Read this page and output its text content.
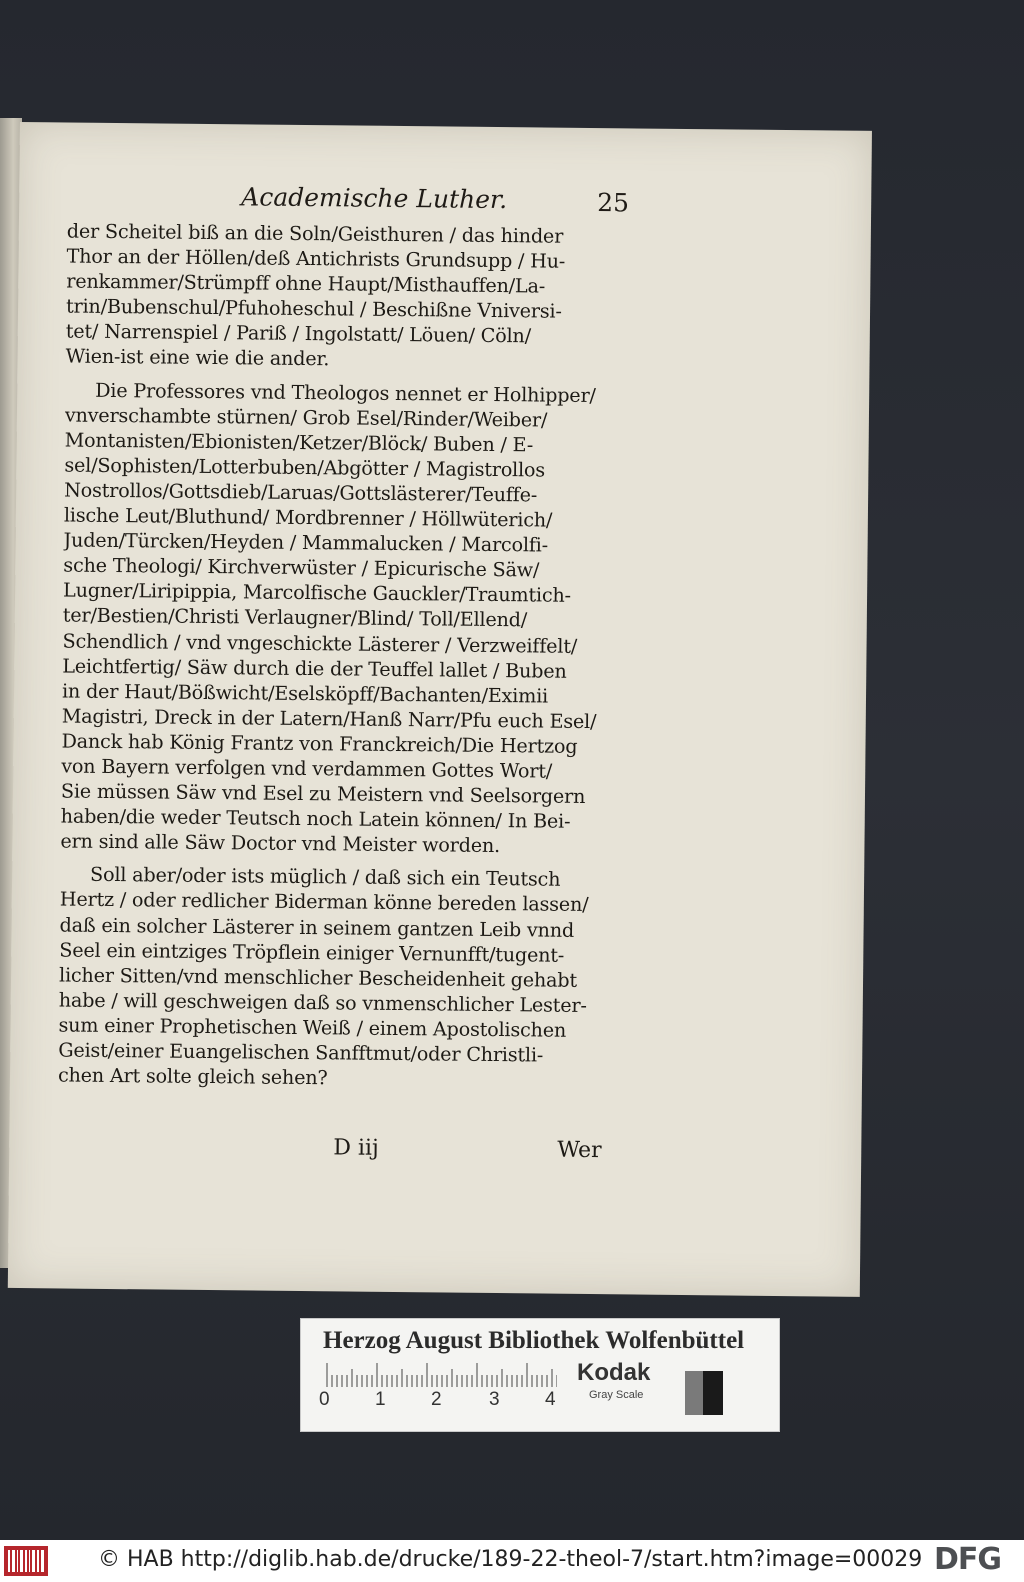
Academische Luther.	25
der Scheitel biß an die Soln/Geisthuren / das hinder
Thor an der Höllen/deß Antichrists Grundsupp / Hu-
renkammer/Strümpff ohne Haupt/Misthauffen/La-
trin/Bubenschul/Pfuhoheschul / Beschißne Vniversi-
tet/ Narrenspiel / Pariß / Ingolstatt/ Löuen/ Cöln/
Wien-ist eine wie die ander.
Die Professores vnd Theologos nennet er Holhipper/
vnverschambte stürnen/ Grob Esel/Rinder/Weiber/
Montanisten/Ebionisten/Ketzer/Blöck/ Buben / E-
sel/Sophisten/Lotterbuben/Abgötter / Magistrollos
Nostrollos/Gottsdieb/Laruas/Gottslästerer/Teuffe-
lische Leut/Bluthund/ Mordbrenner / Höllwüterich/
Juden/Türcken/Heyden / Mammalucken / Marcolfi-
sche Theologi/ Kirchverwüster / Epicurische Säw/
Lugner/Liripippia, Marcolfische Gauckler/Traumtich-
ter/Bestien/Christi Verlaugner/Blind/ Toll/Ellend/
Schendlich / vnd vngeschickte Lästerer / Verzweiffelt/
Leichtfertig/ Säw durch die der Teuffel lallet / Buben
in der Haut/Bößwicht/Eselsköpff/Bachanten/Eximii
Magistri, Dreck in der Latern/Hanß Narr/Pfu euch Esel/
Danck hab König Frantz von Franckreich/Die Hertzog
von Bayern verfolgen vnd verdammen Gottes Wort/
Sie müssen Säw vnd Esel zu Meistern vnd Seelsorgern
haben/die weder Teutsch noch Latein können/ In Bei-
ern sind alle Säw Doctor vnd Meister worden.
Soll aber/oder ists müglich / daß sich ein Teutsch
Hertz / oder redlicher Biderman könne bereden lassen/
daß ein solcher Lästerer in seinem gantzen Leib vnnd
Seel ein eintziges Tröpflein einiger Vernunfft/tugent-
licher Sitten/vnd menschlicher Bescheidenheit gehabt
habe / will geschweigen daß so vnmenschlicher Lester-
sum einer Prophetischen Weiß / einem Apostolischen
Geist/einer Euangelischen Sanfftmut/oder Christli-
chen Art solte gleich sehen?
D iij	Wer
Herzog August Bibliothek Wolfenbüttel
0 1 2 3 4
Kodak
Gray Scale
© HAB http://diglib.hab.de/drucke/189-22-theol-7/start.htm?image=00029 DFG
